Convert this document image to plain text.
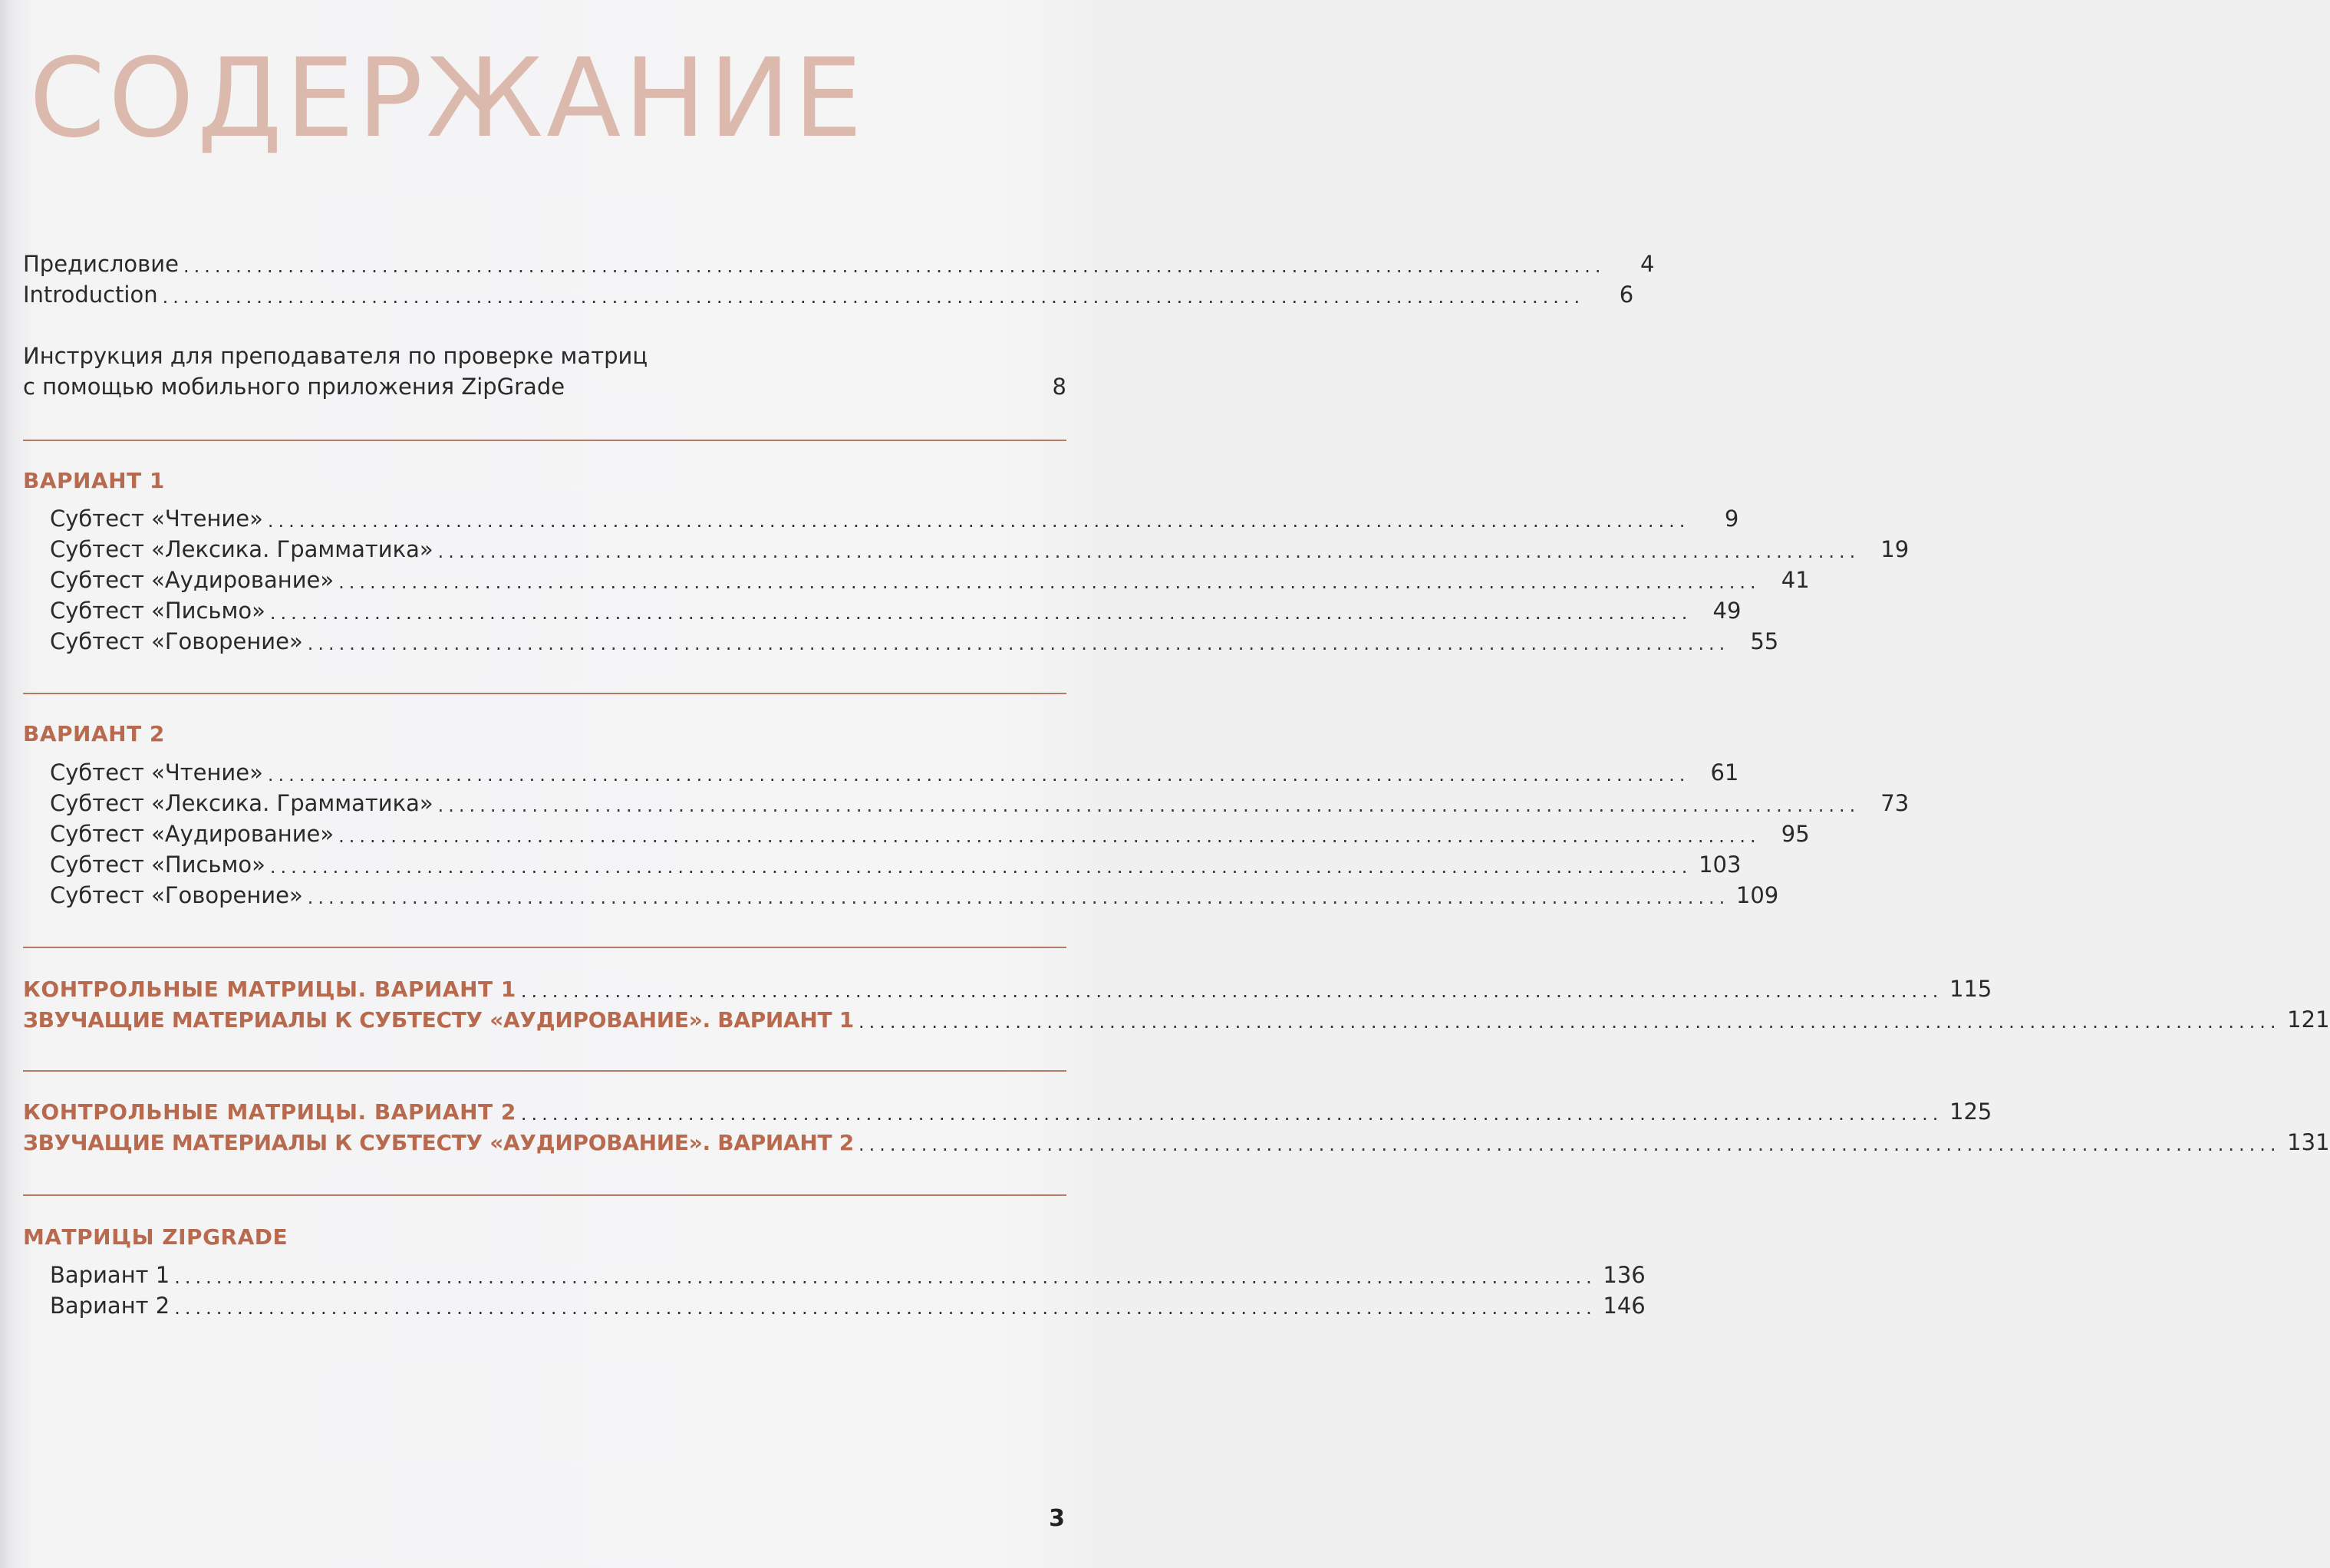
СОДЕРЖАНИЕ
Предисловие ........................................................................................................................................	4
Introduction ........................................................................................................................................	6
Инструкция для преподавателя по проверке матриц
с помощью мобильного приложения ZipGrade	8
ВАРИАНТ 1
Субтест «Чтение» ........................................................................................................................................	9
Субтест «Лексика. Грамматика» ........................................................................................................................................ 19
Субтест «Аудирование» ........................................................................................................................................ 41
Субтест «Письмо» ........................................................................................................................................ 49
Субтест «Говорение» ........................................................................................................................................ 55
ВАРИАНТ 2
Субтест «Чтение» ........................................................................................................................................ 61
Субтест «Лексика. Грамматика» ........................................................................................................................................ 73
Субтест «Аудирование» ........................................................................................................................................ 95
Субтест «Письмо» ........................................................................................................................................ 103
Субтест «Говорение» ........................................................................................................................................ 109
КОНТРОЛЬНЫЕ МАТРИЦЫ. ВАРИАНТ 1 ........................................................................................................................................ 115
ЗВУЧАЩИЕ МАТЕРИАЛЫ К СУБТЕСТУ «АУДИРОВАНИЕ». ВАРИАНТ 1 ........................................................................................................................................ 121
КОНТРОЛЬНЫЕ МАТРИЦЫ. ВАРИАНТ 2 ........................................................................................................................................ 125
ЗВУЧАЩИЕ МАТЕРИАЛЫ К СУБТЕСТУ «АУДИРОВАНИЕ». ВАРИАНТ 2 ........................................................................................................................................ 131
МАТРИЦЫ ZIPGRADE
Вариант 1 ........................................................................................................................................ 136
Вариант 2 ........................................................................................................................................ 146
3
